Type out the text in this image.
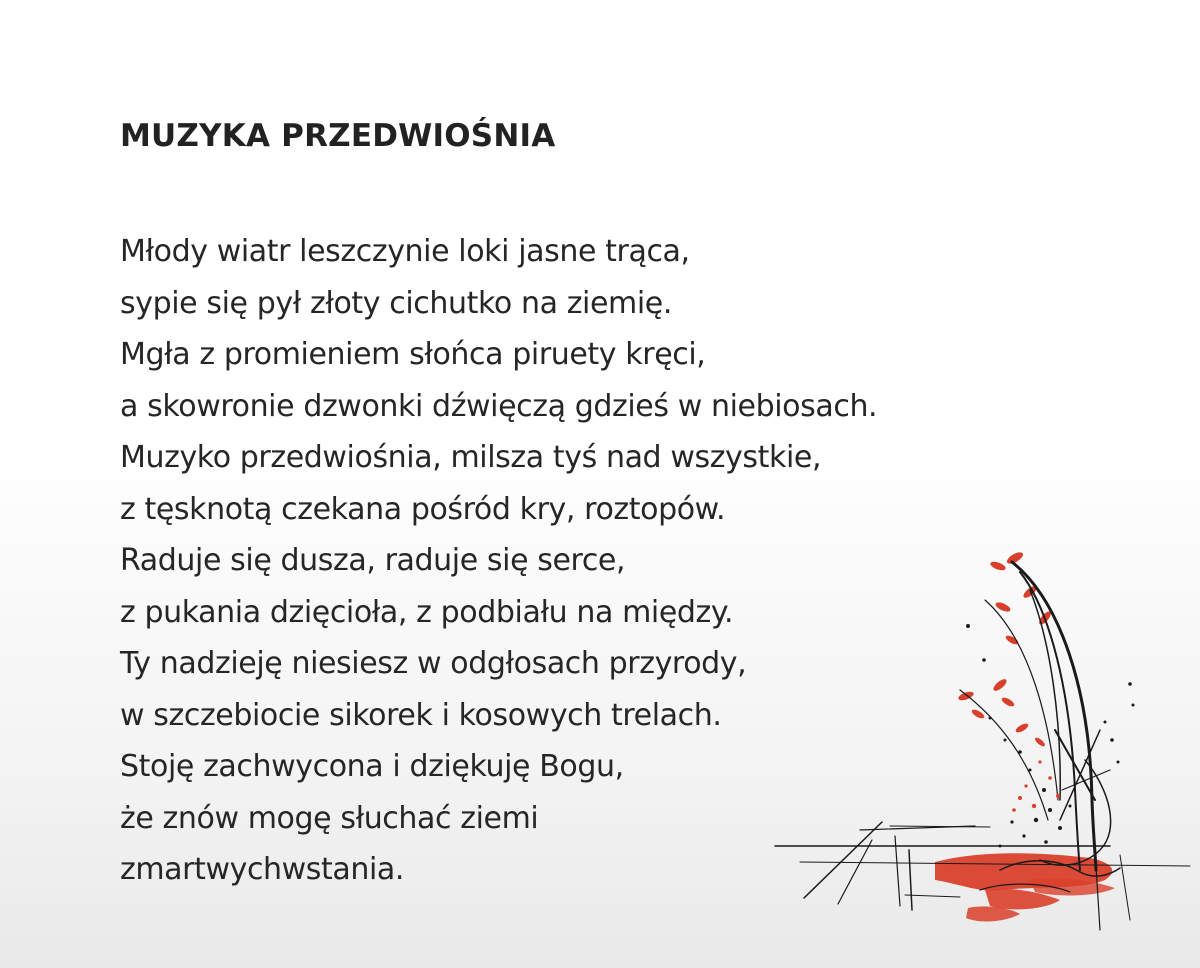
MUZYKA PRZEDWIOŚNIA
Młody wiatr leszczynie loki jasne trąca,
sypie się pył złoty cichutko na ziemię.
Mgła z promieniem słońca piruety kręci,
a skowronie dzwonki dźwięczą gdzieś w niebiosach.
Muzyko przedwiośnia, milsza tyś nad wszystkie,
z tęsknotą czekana pośród kry, roztopów.
Raduje się dusza, raduje się serce,
z pukania dzięcioła, z podbiału na między.
Ty nadzieję niesiesz w odgłosach przyrody,
w szczebiocie sikorek i kosowych trelach.
Stoję zachwycona i dziękuję Bogu,
że znów mogę słuchać ziemi
zmartwychwstania.
